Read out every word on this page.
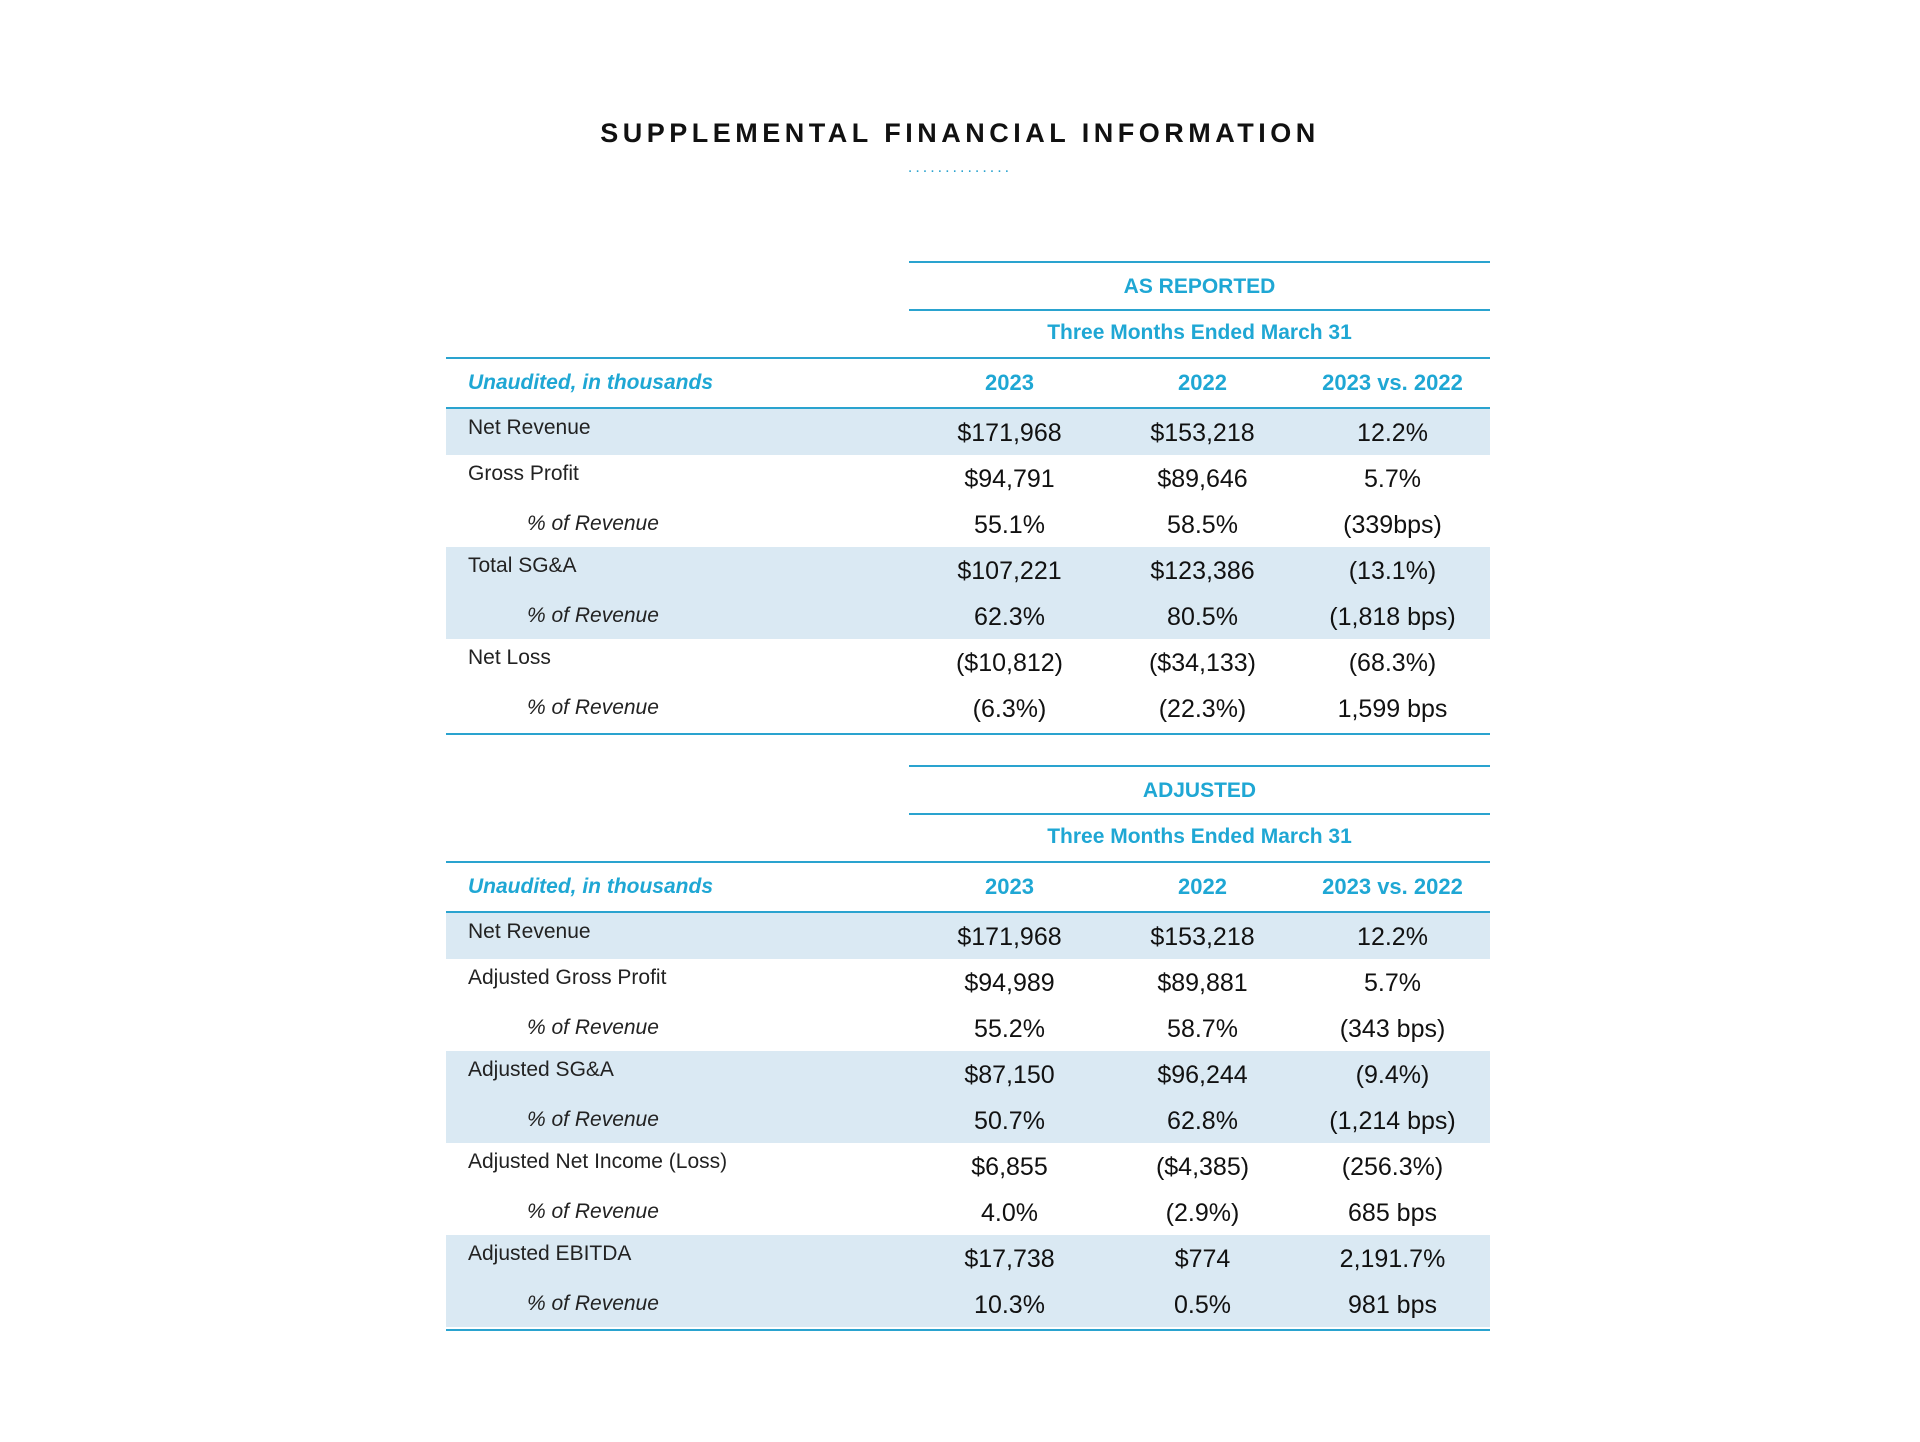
SUPPLEMENTAL FINANCIAL INFORMATION
..............
AS REPORTED
Three Months Ended March 31
Unaudited, in thousands	2023	2022	2023 vs. 2022
Net Revenue	$171,968	$153,218	12.2%
Gross Profit	$94,791	$89,646	5.7%
% of Revenue	55.1%	58.5%	(339bps)
Total SG&A	$107,221	$123,386	(13.1%)
% of Revenue	62.3%	80.5%	(1,818 bps)
Net Loss	($10,812)	($34,133)	(68.3%)
% of Revenue	(6.3%)	(22.3%)	1,599 bps
ADJUSTED
Three Months Ended March 31
Unaudited, in thousands	2023	2022	2023 vs. 2022
Net Revenue	$171,968	$153,218	12.2%
Adjusted Gross Profit	$94,989	$89,881	5.7%
% of Revenue	55.2%	58.7%	(343 bps)
Adjusted SG&A	$87,150	$96,244	(9.4%)
% of Revenue	50.7%	62.8%	(1,214 bps)
Adjusted Net Income (Loss)	$6,855	($4,385)	(256.3%)
% of Revenue	4.0%	(2.9%)	685 bps
Adjusted EBITDA	$17,738	$774	2,191.7%
% of Revenue	10.3%	0.5%	981 bps
